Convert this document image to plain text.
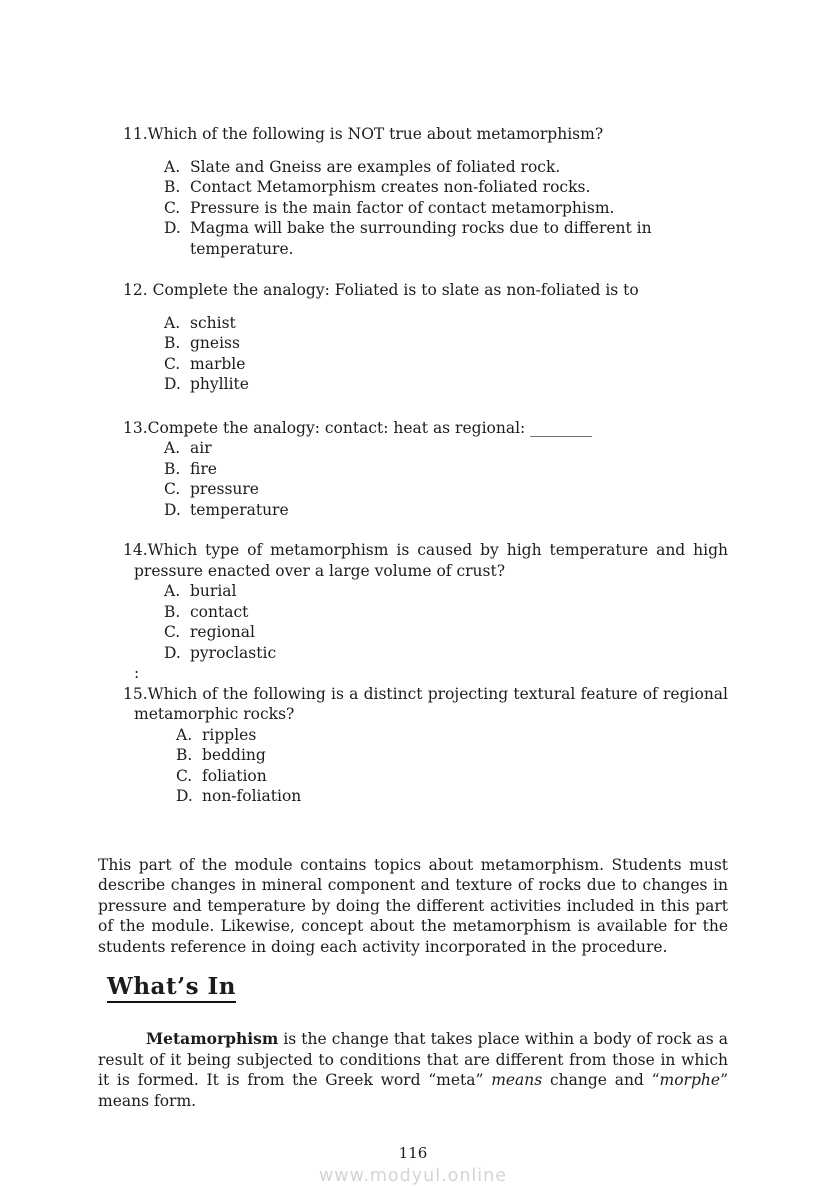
11.Which of the following is NOT true about metamorphism?
A. Slate and Gneiss are examples of foliated rock.
B. Contact Metamorphism creates non-foliated rocks.
C. Pressure is the main factor of contact metamorphism.
D. Magma will bake the surrounding rocks due to different in temperature.
12. Complete the analogy: Foliated is to slate as non-foliated is to
A. schist
B. gneiss
C. marble
D. phyllite
13.Compete the analogy: contact: heat as regional: ________
A. air
B. fire
C. pressure
D. temperature
14.Which type of metamorphism is caused by high temperature and high pressure enacted over a large volume of crust?
A. burial
B. contact
C. regional
D. pyroclastic
:
15.Which of the following is a distinct projecting textural feature of regional metamorphic rocks?
A. ripples
B. bedding
C. foliation
D. non-foliation

This part of the module contains topics about metamorphism. Students must describe changes in mineral component and texture of rocks due to changes in pressure and temperature by doing the different activities included in this part of the module. Likewise, concept about the metamorphism is available for the students reference in doing each activity incorporated in the procedure.

What’s In

Metamorphism is the change that takes place within a body of rock as a result of it being subjected to conditions that are different from those in which it is formed. It is from the Greek word “meta” means change and “morphe” means form.

116
www.modyul.online
